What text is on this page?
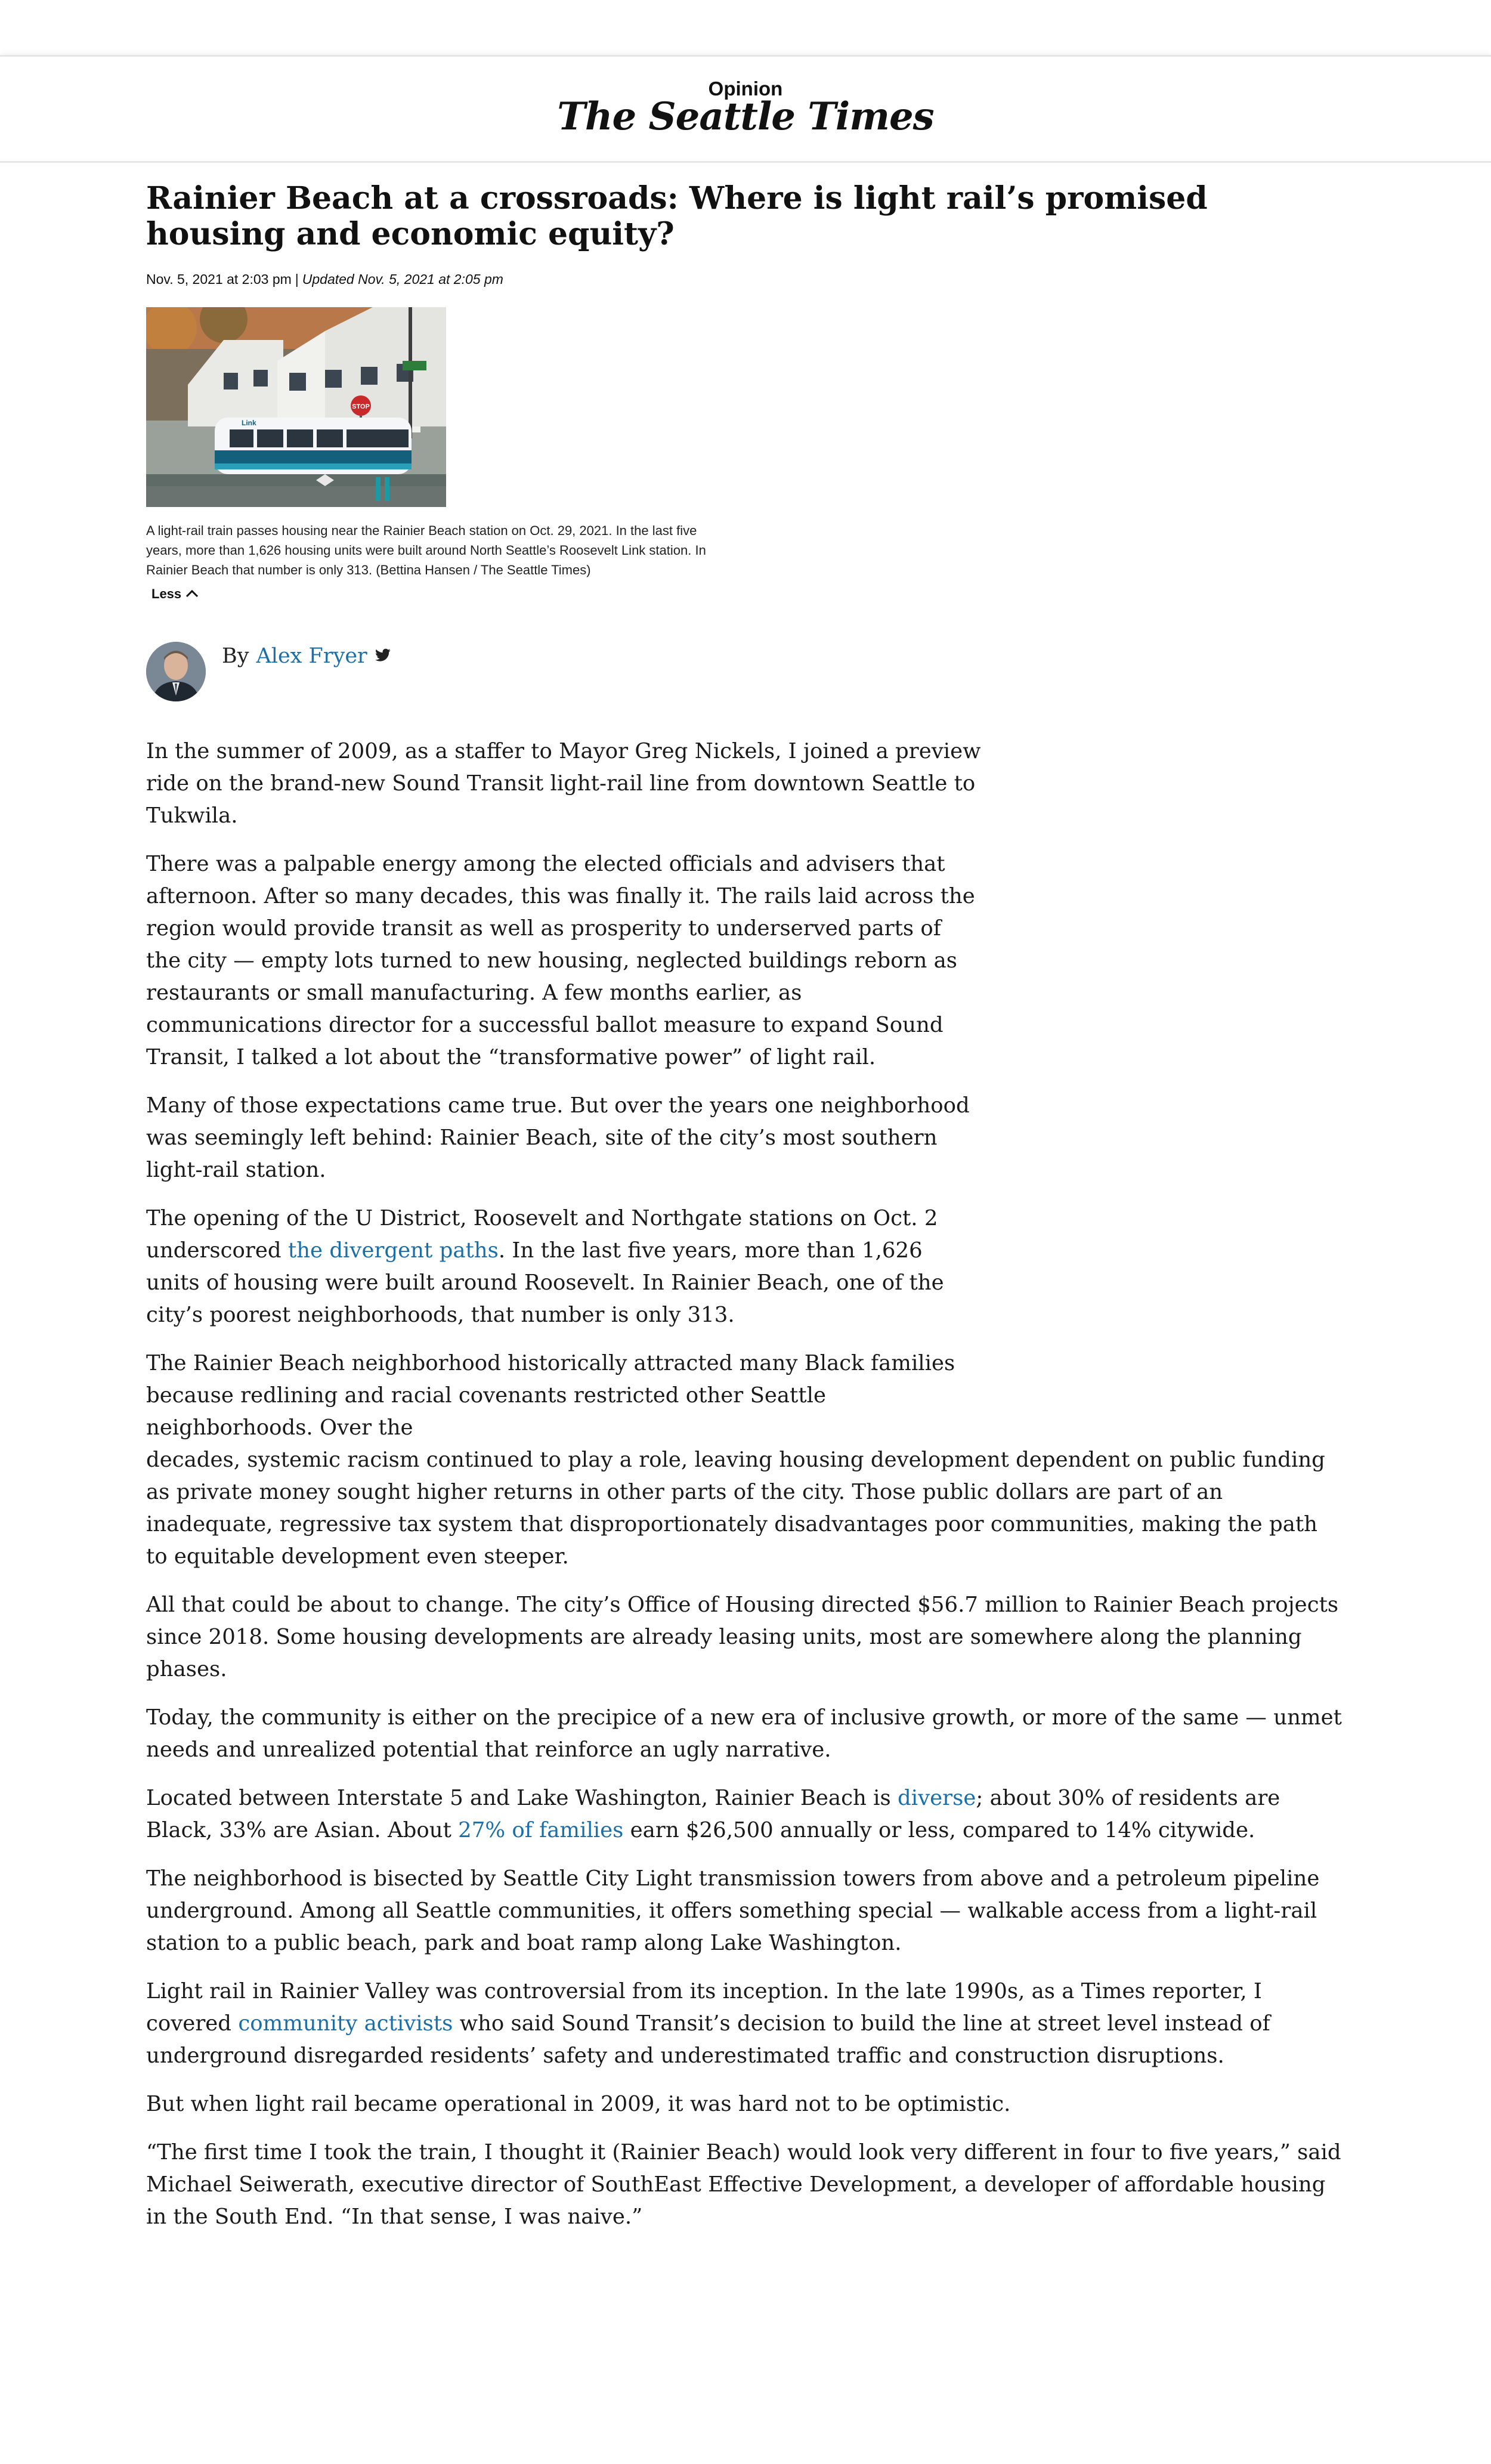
Opinion
The Seattle Times
Rainier Beach at a crossroads: Where is light rail’s promised housing and economic equity?
Nov. 5, 2021 at 2:03 pm | Updated Nov. 5, 2021 at 2:05 pm
STOP
Link
A light-rail train passes housing near the Rainier Beach station on Oct. 29, 2021. In the last five years, more than 1,626 housing units were built around North Seattle’s Roosevelt Link station. In Rainier Beach that number is only 313. (Bettina Hansen / The Seattle Times)
Less
By Alex Fryer

In the summer of 2009, as a staffer to Mayor Greg Nickels, I joined a preview ride on the brand-new Sound Transit light-rail line from downtown Seattle to Tukwila.

There was a palpable energy among the elected officials and advisers that afternoon. After so many decades, this was finally it. The rails laid across the region would provide transit as well as prosperity to underserved parts of the city — empty lots turned to new housing, neglected buildings reborn as restaurants or small manufacturing. A few months earlier, as communications director for a successful ballot measure to expand Sound Transit, I talked a lot about the “transformative power” of light rail.

Many of those expectations came true. But over the years one neighborhood was seemingly left behind: Rainier Beach, site of the city’s most southern light-rail station.

The opening of the U District, Roosevelt and Northgate stations on Oct. 2 underscored the divergent paths. In the last five years, more than 1,626 units of housing were built around Roosevelt. In Rainier Beach, one of the city’s poorest neighborhoods, that number is only 313.

The Rainier Beach neighborhood historically attracted many Black families because redlining and racial covenants restricted other Seattle neighborhoods. Over the
decades, systemic racism continued to play a role, leaving housing development dependent on public funding as private money sought higher returns in other parts of the city. Those public dollars are part of an inadequate, regressive tax system that disproportionately disadvantages poor communities, making the path to equitable development even steeper.

All that could be about to change. The city’s Office of Housing directed $56.7 million to Rainier Beach projects since 2018. Some housing developments are already leasing units, most are somewhere along the planning phases.

Today, the community is either on the precipice of a new era of inclusive growth, or more of the same — unmet needs and unrealized potential that reinforce an ugly narrative.

Located between Interstate 5 and Lake Washington, Rainier Beach is diverse; about 30% of residents are Black, 33% are Asian. About 27% of families earn $26,500 annually or less, compared to 14% citywide.

The neighborhood is bisected by Seattle City Light transmission towers from above and a petroleum pipeline underground. Among all Seattle communities, it offers something special — walkable access from a light-rail station to a public beach, park and boat ramp along Lake Washington.

Light rail in Rainier Valley was controversial from its inception. In the late 1990s, as a Times reporter, I covered community activists who said Sound Transit’s decision to build the line at street level instead of underground disregarded residents’ safety and underestimated traffic and construction disruptions.

But when light rail became operational in 2009, it was hard not to be optimistic.

“The first time I took the train, I thought it (Rainier Beach) would look very different in four to five years,” said Michael Seiwerath, executive director of SouthEast Effective Development, a developer of affordable housing in the South End. “In that sense, I was naive.”
